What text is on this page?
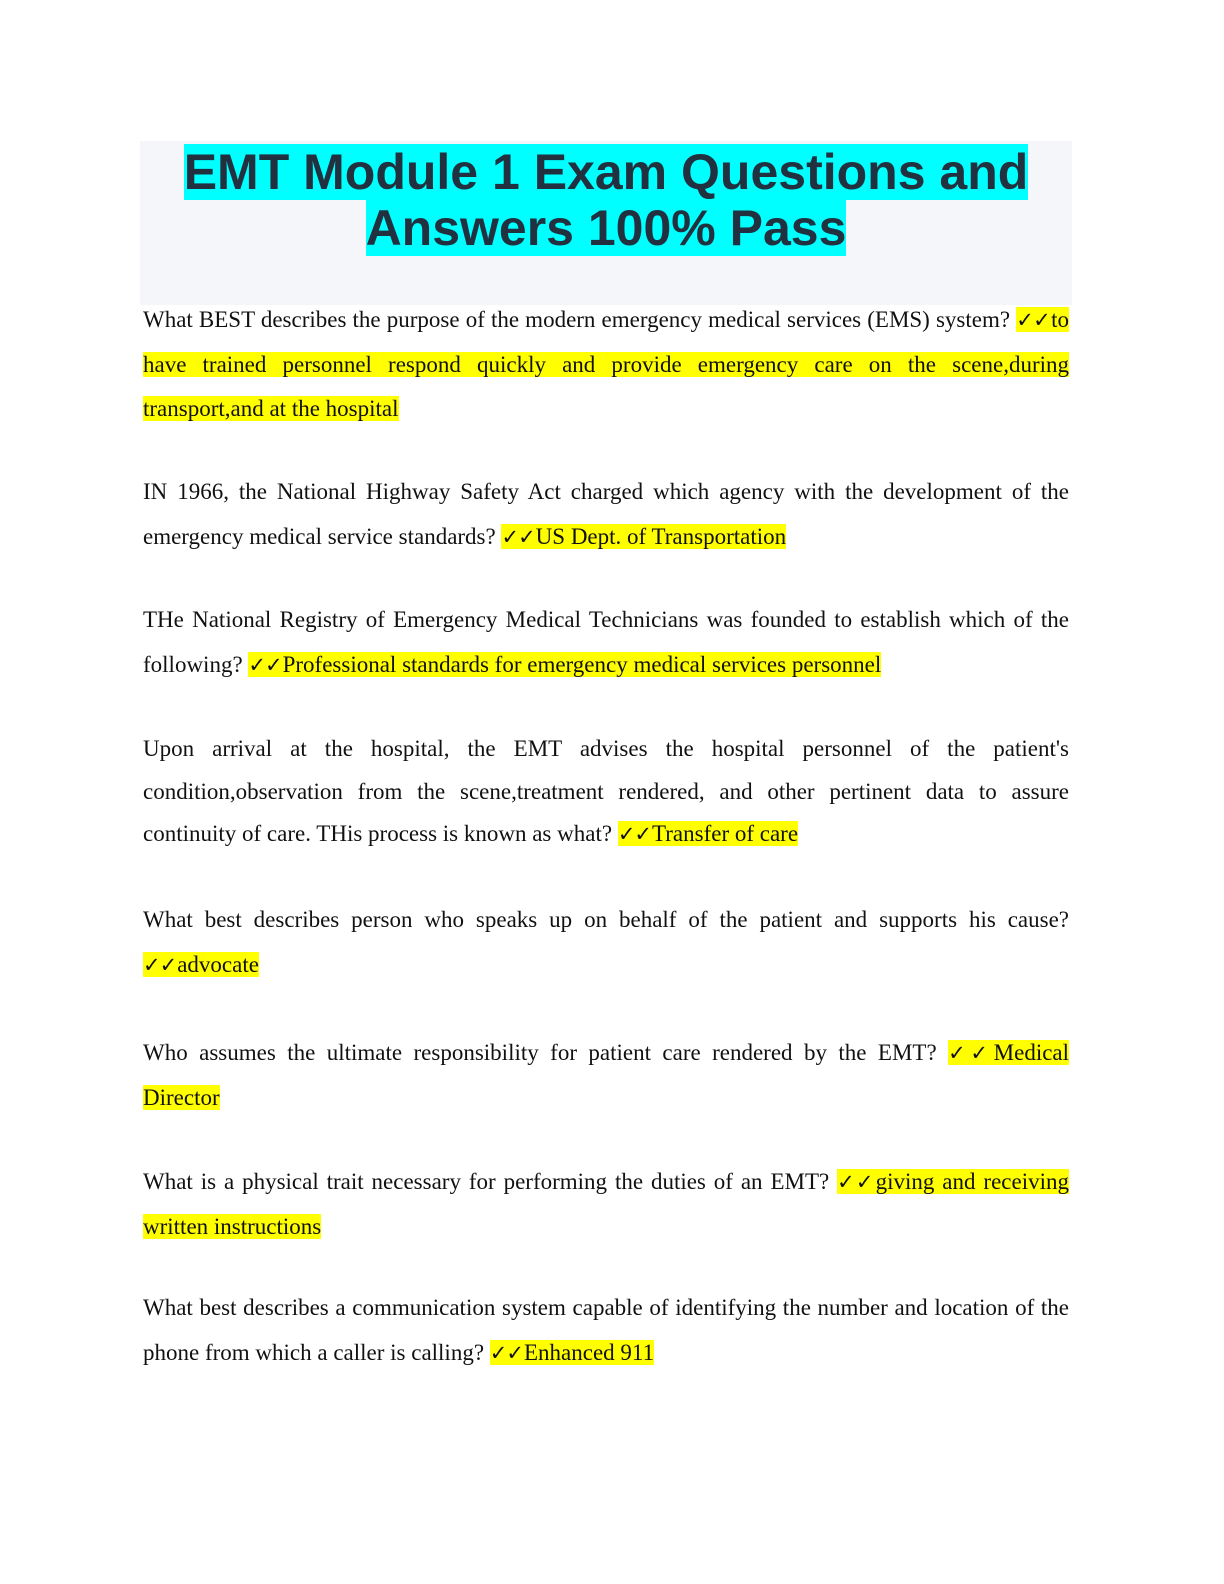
EMT Module 1 Exam Questions and
Answers 100% Pass

What BEST describes the purpose of the modern emergency medical services (EMS) system? ✓✓to have trained personnel respond quickly and provide emergency care on the scene,during transport,and at the hospital

IN 1966, the National Highway Safety Act charged which agency with the development of the emergency medical service standards? ✓✓US Dept. of Transportation

THe National Registry of Emergency Medical Technicians was founded to establish which of the following? ✓✓Professional standards for emergency medical services personnel

Upon arrival at the hospital, the EMT advises the hospital personnel of the patient's condition,observation from the scene,treatment rendered, and other pertinent data to assure continuity of care. THis process is known as what? ✓✓Transfer of care

What best describes person who speaks up on behalf of the patient and supports his cause? ✓✓advocate

Who assumes the ultimate responsibility for patient care rendered by the EMT? ✓✓Medical Director

What is a physical trait necessary for performing the duties of an EMT? ✓✓giving and receiving written instructions

What best describes a communication system capable of identifying the number and location of the phone from which a caller is calling? ✓✓Enhanced 911
